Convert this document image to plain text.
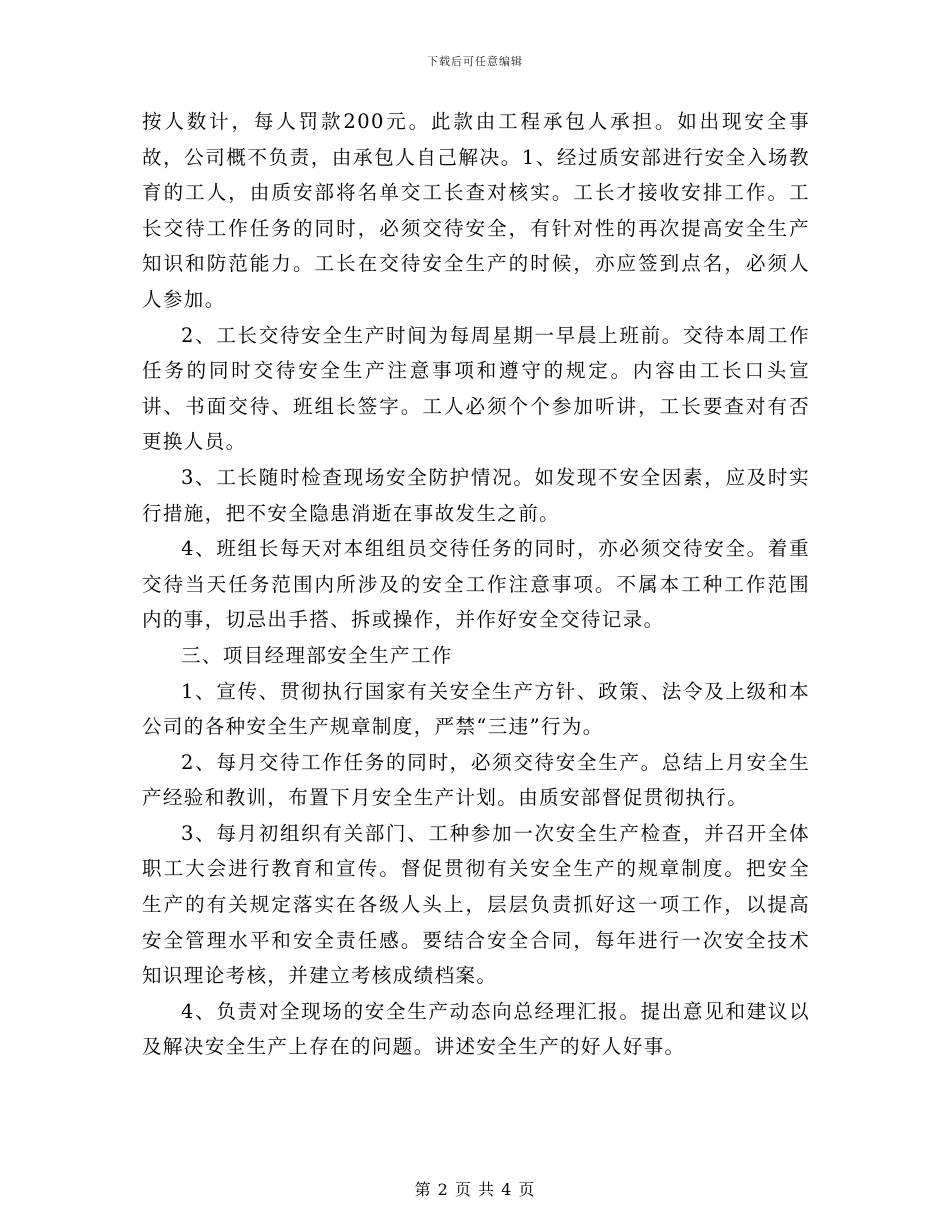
下载后可任意编辑

按人数计，每人罚款200元。此款由工程承包人承担。如出现安全事故，公司概不负责，由承包人自己解决。1、经过质安部进行安全入场教育的工人，由质安部将名单交工长查对核实。工长才接收安排工作。工长交待工作任务的同时，必须交待安全，有针对性的再次提高安全生产知识和防范能力。工长在交待安全生产的时候，亦应签到点名，必须人人参加。

2、工长交待安全生产时间为每周星期一早晨上班前。交待本周工作任务的同时交待安全生产注意事项和遵守的规定。内容由工长口头宣讲、书面交待、班组长签字。工人必须个个参加听讲，工长要查对有否更换人员。

3、工长随时检查现场安全防护情况。如发现不安全因素，应及时实行措施，把不安全隐患消逝在事故发生之前。

4、班组长每天对本组组员交待任务的同时，亦必须交待安全。着重交待当天任务范围内所涉及的安全工作注意事项。不属本工种工作范围内的事，切忌出手搭、拆或操作，并作好安全交待记录。

三、项目经理部安全生产工作

1、宣传、贯彻执行国家有关安全生产方针、政策、法令及上级和本公司的各种安全生产规章制度，严禁“三违”行为。

2、每月交待工作任务的同时，必须交待安全生产。总结上月安全生产经验和教训，布置下月安全生产计划。由质安部督促贯彻执行。

3、每月初组织有关部门、工种参加一次安全生产检查，并召开全体职工大会进行教育和宣传。督促贯彻有关安全生产的规章制度。把安全生产的有关规定落实在各级人头上，层层负责抓好这一项工作，以提高安全管理水平和安全责任感。要结合安全合同，每年进行一次安全技术知识理论考核，并建立考核成绩档案。

4、负责对全现场的安全生产动态向总经理汇报。提出意见和建议以及解决安全生产上存在的问题。讲述安全生产的好人好事。

第 2 页 共 4 页
